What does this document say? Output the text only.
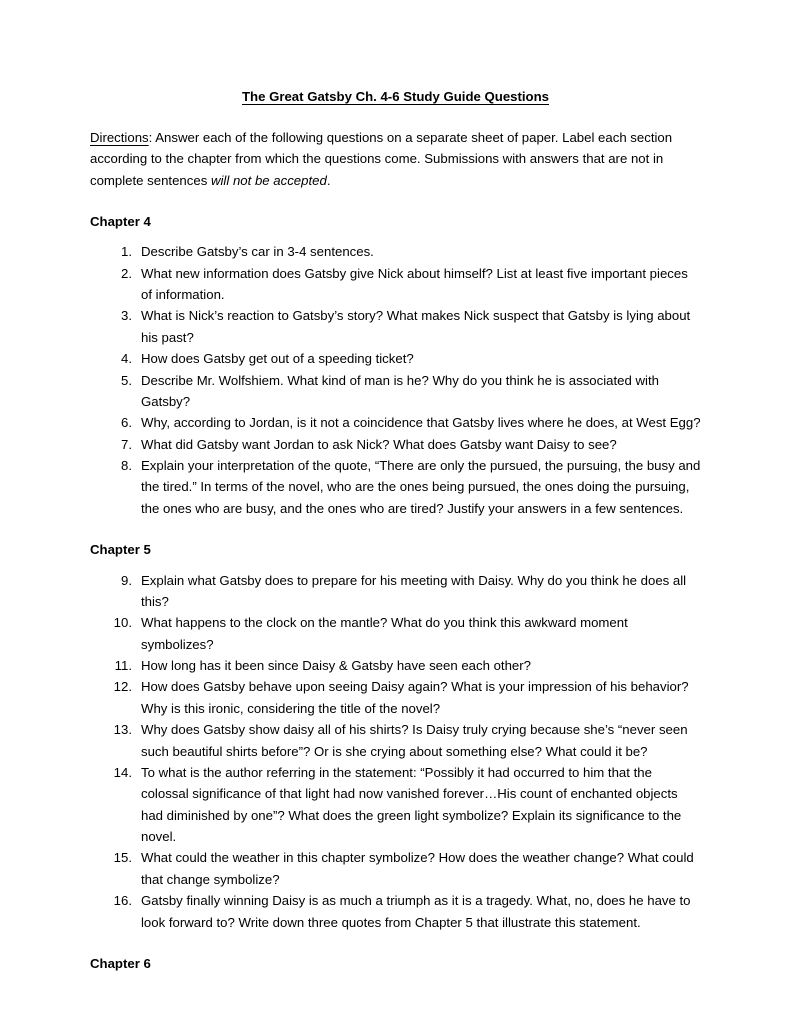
The Great Gatsby Ch. 4-6 Study Guide Questions

Directions: Answer each of the following questions on a separate sheet of paper. Label each section according to the chapter from which the questions come. Submissions with answers that are not in complete sentences will not be accepted.

Chapter 4
1. Describe Gatsby’s car in 3-4 sentences.
2. What new information does Gatsby give Nick about himself? List at least five important pieces of information.
3. What is Nick’s reaction to Gatsby’s story? What makes Nick suspect that Gatsby is lying about his past?
4. How does Gatsby get out of a speeding ticket?
5. Describe Mr. Wolfshiem. What kind of man is he? Why do you think he is associated with Gatsby?
6. Why, according to Jordan, is it not a coincidence that Gatsby lives where he does, at West Egg?
7. What did Gatsby want Jordan to ask Nick? What does Gatsby want Daisy to see?
8. Explain your interpretation of the quote, “There are only the pursued, the pursuing, the busy and the tired.” In terms of the novel, who are the ones being pursued, the ones doing the pursuing, the ones who are busy, and the ones who are tired? Justify your answers in a few sentences.
Chapter 5
9. Explain what Gatsby does to prepare for his meeting with Daisy. Why do you think he does all this?
10. What happens to the clock on the mantle? What do you think this awkward moment symbolizes?
11. How long has it been since Daisy & Gatsby have seen each other?
12. How does Gatsby behave upon seeing Daisy again? What is your impression of his behavior? Why is this ironic, considering the title of the novel?
13. Why does Gatsby show daisy all of his shirts? Is Daisy truly crying because she’s “never seen such beautiful shirts before”? Or is she crying about something else? What could it be?
14. To what is the author referring in the statement: “Possibly it had occurred to him that the colossal significance of that light had now vanished forever…His count of enchanted objects had diminished by one”? What does the green light symbolize? Explain its significance to the novel.
15. What could the weather in this chapter symbolize? How does the weather change? What could that change symbolize?
16. Gatsby finally winning Daisy is as much a triumph as it is a tragedy. What, no, does he have to look forward to? Write down three quotes from Chapter 5 that illustrate this statement.
Chapter 6
